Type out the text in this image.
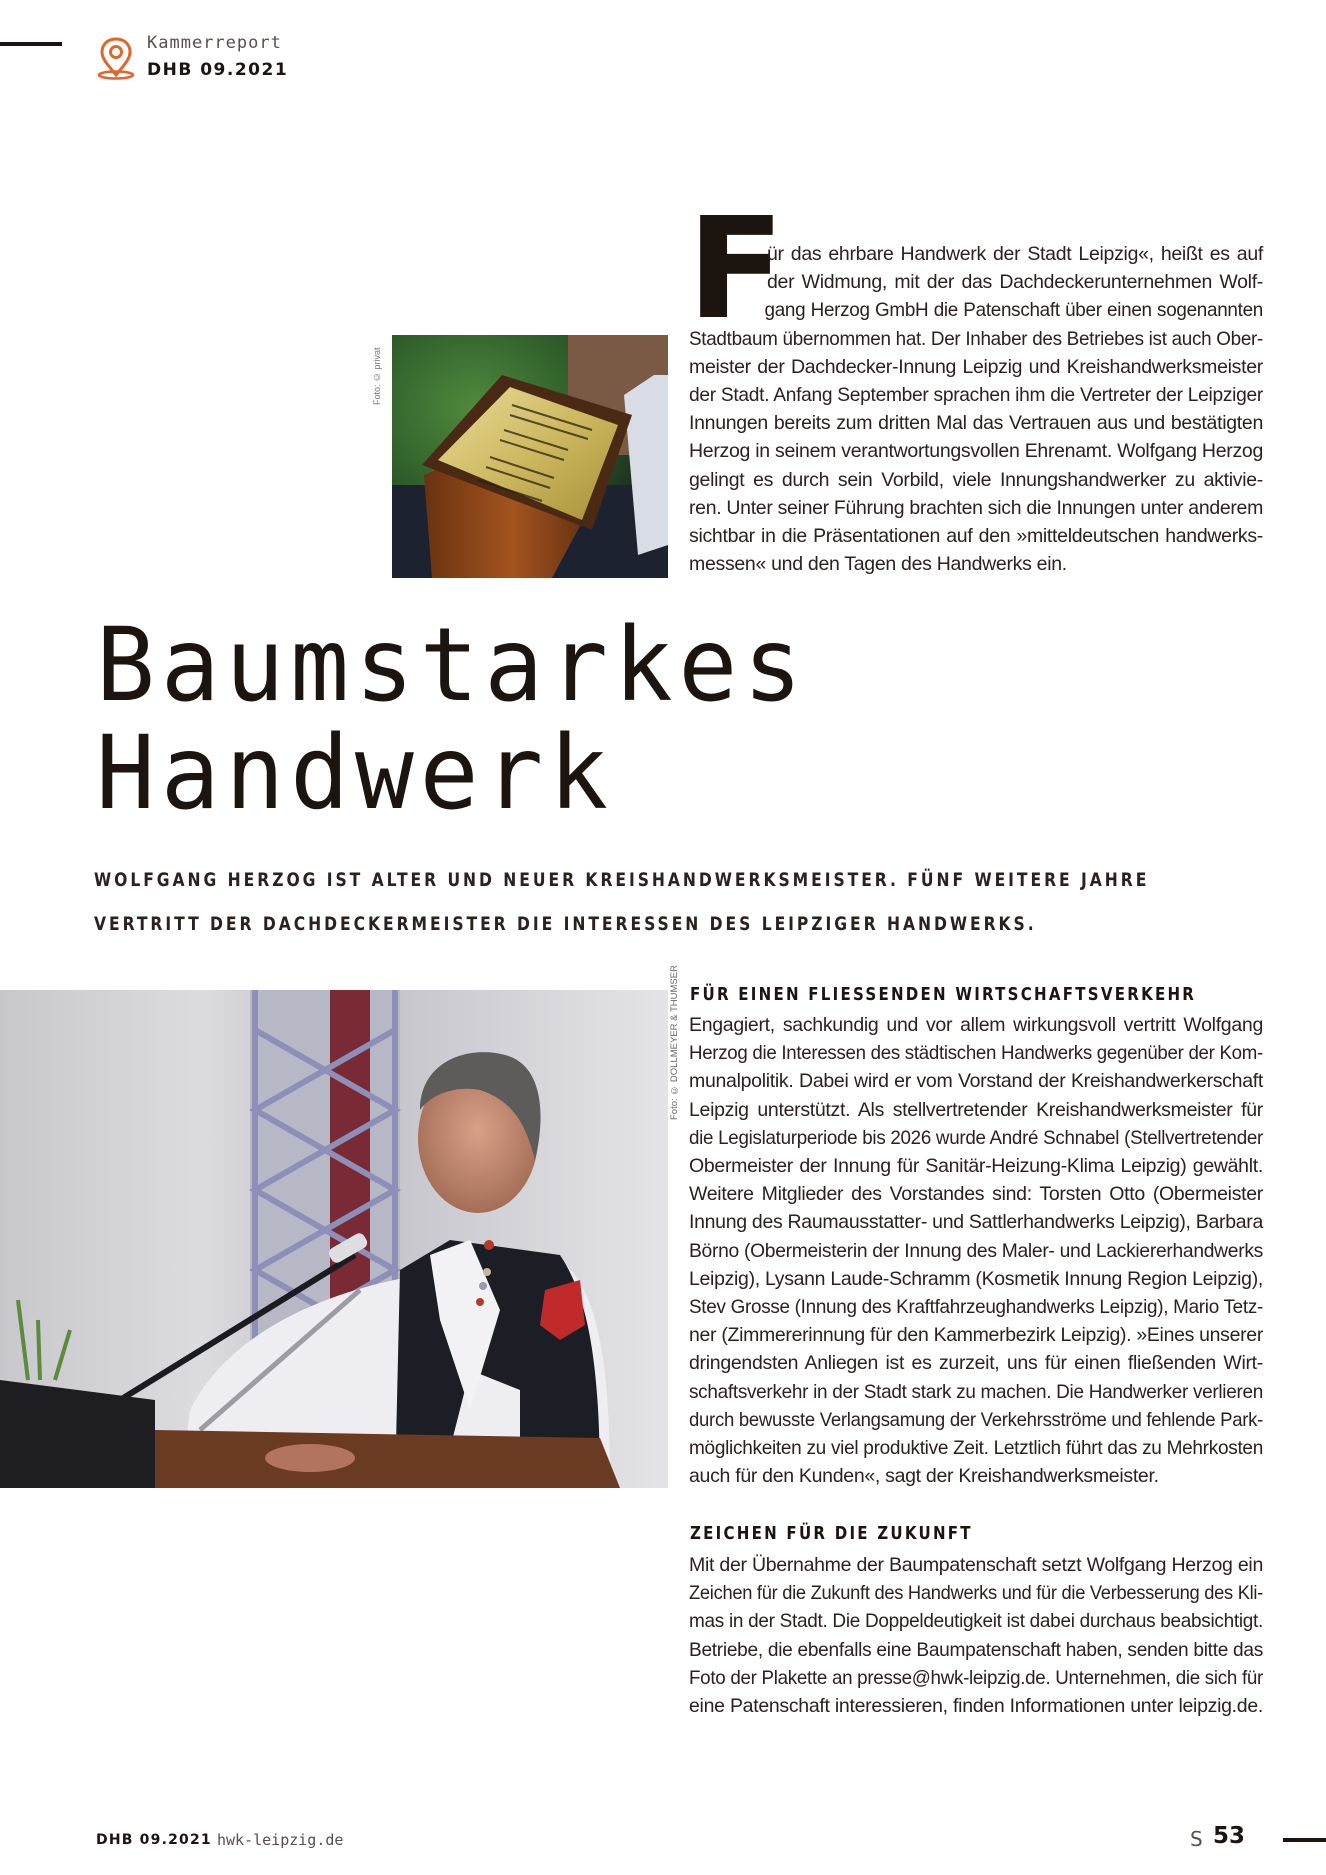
Kammerreport
DHB 09.2021
F
ür das ehrbare Handwerk der Stadt Leipzig«, heißt es auf
der Widmung, mit der das Dachdeckerunternehmen Wolf-
gang Herzog GmbH die Patenschaft über einen sogenannten
Stadtbaum übernommen hat. Der Inhaber des Betriebes ist auch Ober-
meister der Dachdecker-Innung Leipzig und Kreishandwerksmeister
der Stadt. Anfang September sprachen ihm die Vertreter der Leipziger
Innungen bereits zum dritten Mal das Vertrauen aus und bestätigten
Herzog in seinem verantwortungsvollen Ehrenamt. Wolfgang Herzog
gelingt es durch sein Vorbild, viele Innungshandwerker zu aktivie-
ren. Unter seiner Führung brachten sich die Innungen unter anderem
sichtbar in die Präsentationen auf den »mitteldeutschen handwerks-
messen« und den Tagen des Handwerks ein.
Foto: © privat
Baumstarkes
Handwerk
WOLFGANG HERZOG IST ALTER UND NEUER KREISHANDWERKSMEISTER. FÜNF WEITERE JAHRE
VERTRITT DER DACHDECKERMEISTER DIE INTERESSEN DES LEIPZIGER HANDWERKS.
Foto: © DOLLMEYER & THUMSER FÜR EINEN FLIESSENDEN WIRTSCHAFTSVERKEHR
Engagiert, sachkundig und vor allem wirkungsvoll vertritt Wolfgang
Herzog die Interessen des städtischen Handwerks gegenüber der Kom-
munalpolitik. Dabei wird er vom Vorstand der Kreishandwerkerschaft
Leipzig unterstützt. Als stellvertretender Kreishandwerksmeister für
die Legislaturperiode bis 2026 wurde André Schnabel (Stellvertretender
Obermeister der Innung für Sanitär-Heizung-Klima Leipzig) gewählt.
Weitere Mitglieder des Vorstandes sind: Torsten Otto (Obermeister
Innung des Raumausstatter- und Sattlerhandwerks Leipzig), Barbara
Börno (Obermeisterin der Innung des Maler- und Lackiererhandwerks
Leipzig), Lysann Laude-Schramm (Kosmetik Innung Region Leipzig),
Stev Grosse (Innung des Kraftfahrzeughandwerks Leipzig), Mario Tetz-
ner (Zimmererinnung für den Kammerbezirk Leipzig). »Eines unserer
dringendsten Anliegen ist es zurzeit, uns für einen fließenden Wirt-
schaftsverkehr in der Stadt stark zu machen. Die Handwerker verlieren
durch bewusste Verlangsamung der Verkehrsströme und fehlende Park-
möglichkeiten zu viel produktive Zeit. Letztlich führt das zu Mehrkosten
auch für den Kunden«, sagt der Kreishandwerksmeister.
ZEICHEN FÜR DIE ZUKUNFT
Mit der Übernahme der Baumpatenschaft setzt Wolfgang Herzog ein
Zeichen für die Zukunft des Handwerks und für die Verbesserung des Kli-
mas in der Stadt. Die Doppeldeutigkeit ist dabei durchaus beabsichtigt.
Betriebe, die ebenfalls eine Baumpatenschaft haben, senden bitte das
Foto der Plakette an presse@hwk-leipzig.de. Unternehmen, die sich für
eine Patenschaft interessieren, finden Informationen unter leipzig.de.
DHB 09.2021 hwk-leipzig.de	S 53
